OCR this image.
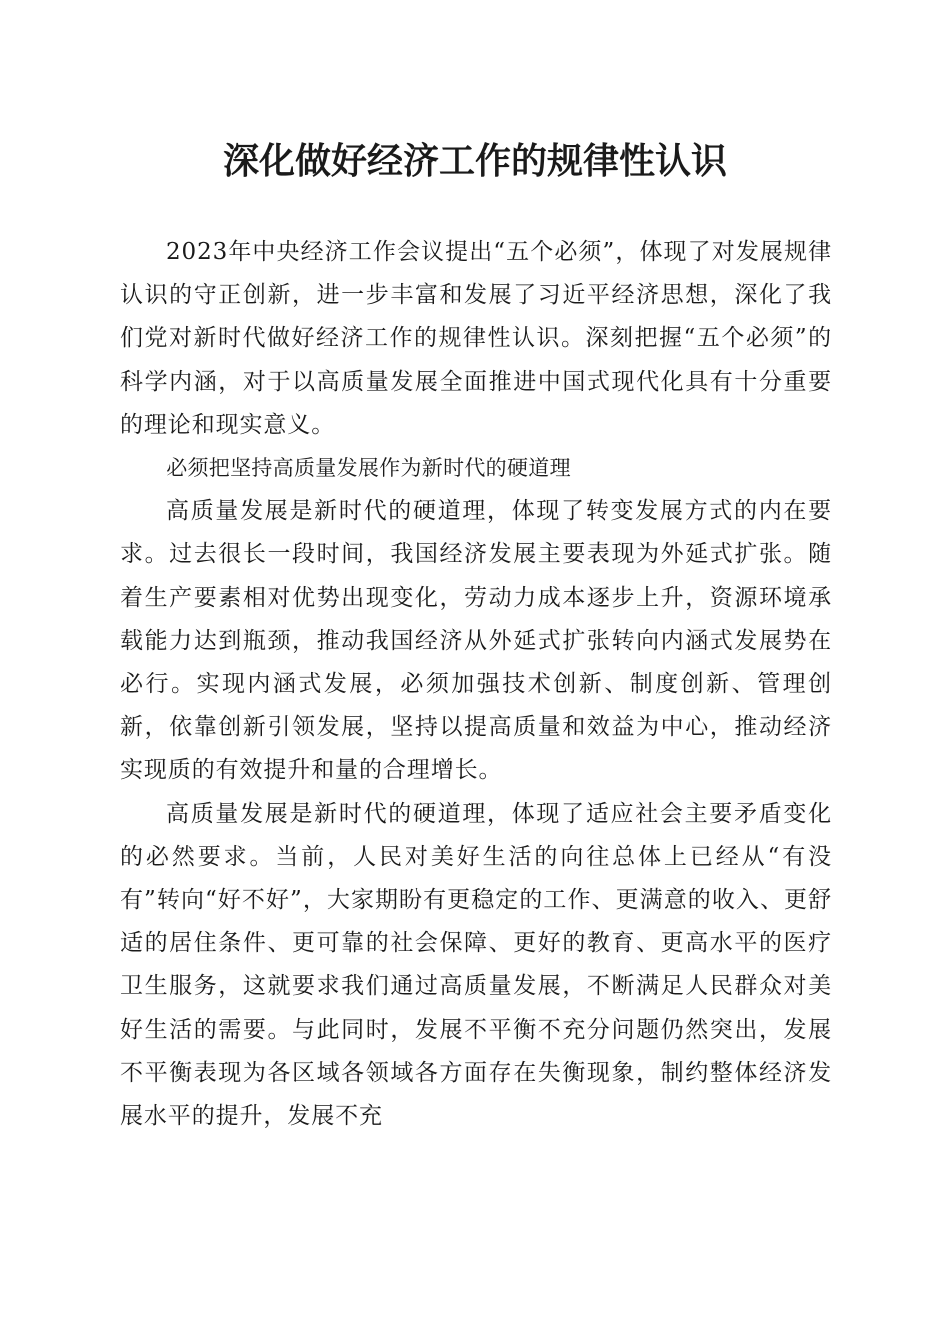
深化做好经济工作的规律性认识

2023年中央经济工作会议提出“五个必须”，体现了对发展规律认识的守正创新，进一步丰富和发展了习近平经济思想，深化了我们党对新时代做好经济工作的规律性认识。深刻把握“五个必须”的科学内涵，对于以高质量发展全面推进中国式现代化具有十分重要的理论和现实意义。

必须把坚持高质量发展作为新时代的硬道理

高质量发展是新时代的硬道理，体现了转变发展方式的内在要求。过去很长一段时间，我国经济发展主要表现为外延式扩张。随着生产要素相对优势出现变化，劳动力成本逐步上升，资源环境承载能力达到瓶颈，推动我国经济从外延式扩张转向内涵式发展势在必行。实现内涵式发展，必须加强技术创新、制度创新、管理创新，依靠创新引领发展，坚持以提高质量和效益为中心，推动经济实现质的有效提升和量的合理增长。

高质量发展是新时代的硬道理，体现了适应社会主要矛盾变化的必然要求。当前，人民对美好生活的向往总体上已经从“有没有”转向“好不好”，大家期盼有更稳定的工作、更满意的收入、更舒适的居住条件、更可靠的社会保障、更好的教育、更高水平的医疗卫生服务，这就要求我们通过高质量发展，不断满足人民群众对美好生活的需要。与此同时，发展不平衡不充分问题仍然突出，发展不平衡表现为各区域各领域各方面存在失衡现象，制约整体经济发展水平的提升，发展不充
